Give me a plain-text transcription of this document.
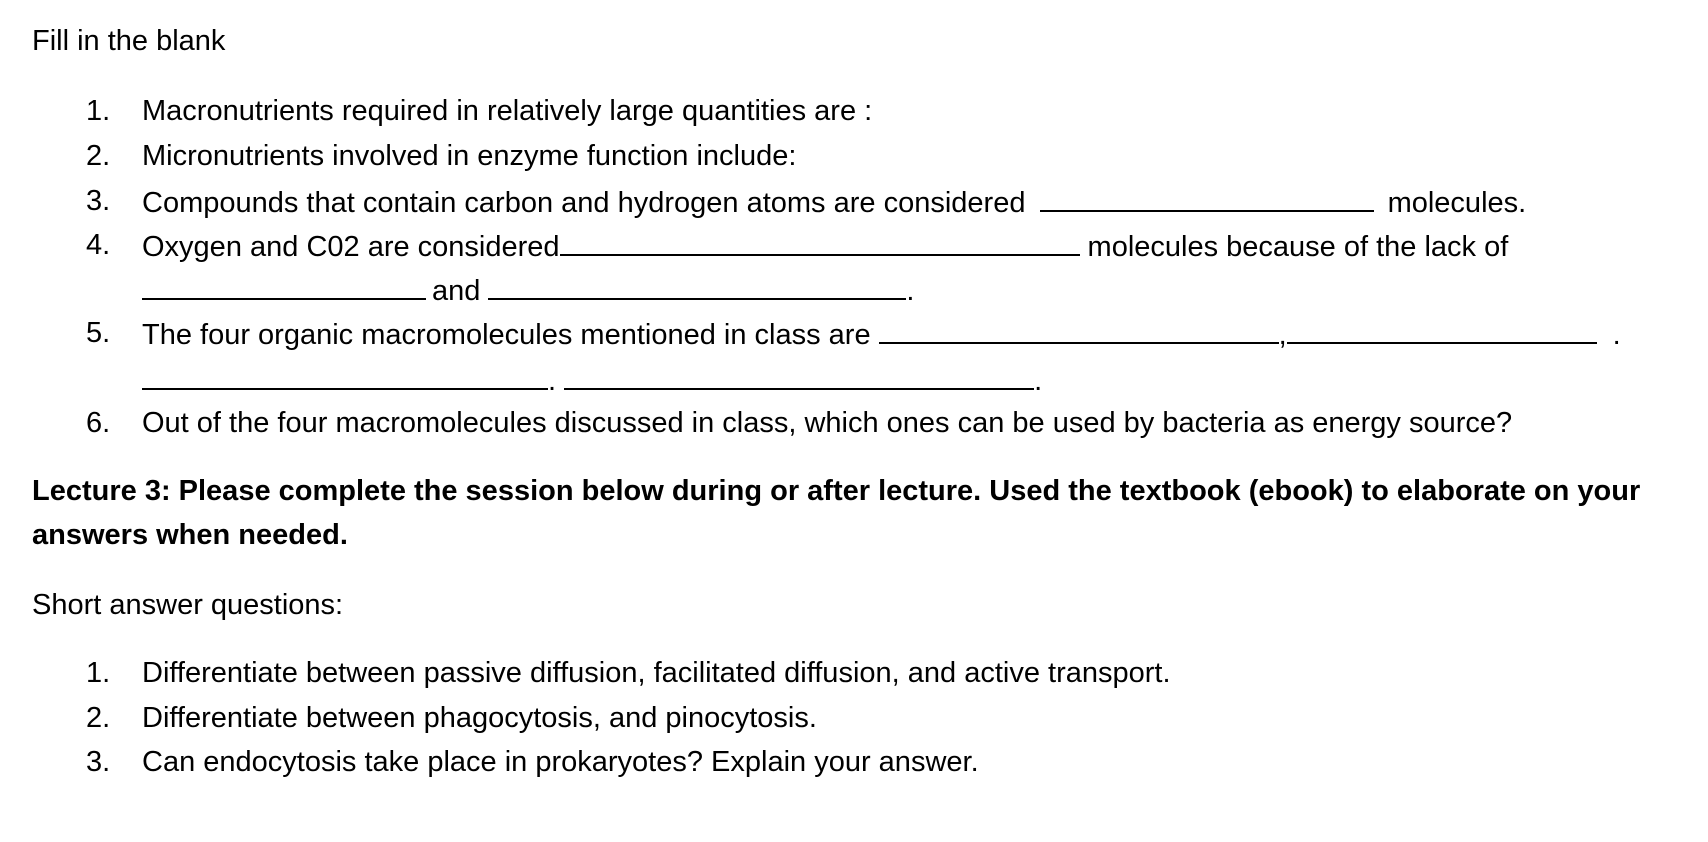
Fill in the blank
1.	Macronutrients required in relatively large quantities are :
2.	Micronutrients involved in enzyme function include:
3.	Compounds that contain carbon and hydrogen atoms are considered	molecules.
4.	Oxygen and C02 are considered	molecules because of the lack of
and	.
5.	The four organic macromolecules mentioned in class are	,	.
.	.
6.	Out of the four macromolecules discussed in class, which ones can be used by bacteria as energy source?
Lecture 3: Please complete the session below during or after lecture. Used the textbook (ebook) to elaborate on your
answers when needed.
Short answer questions:
1.	Differentiate between passive diffusion, facilitated diffusion, and active transport.
2.	Differentiate between phagocytosis, and pinocytosis.
3.	Can endocytosis take place in prokaryotes? Explain your answer.
